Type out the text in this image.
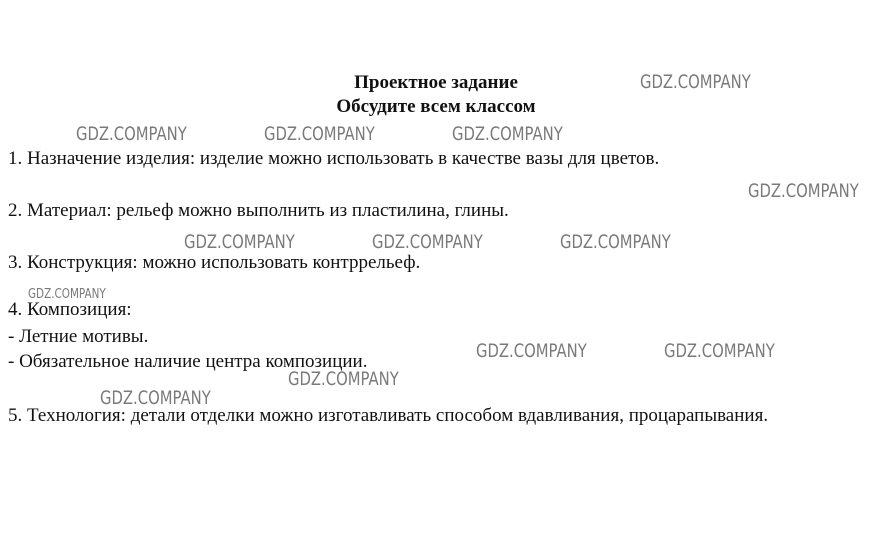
Проектное задание
Обсудите всем классом
1. Назначение изделия: изделие можно использовать в качестве вазы для цветов.
2. Материал: рельеф можно выполнить из пластилина, глины.
3. Конструкция: можно использовать контррельеф.
4. Композиция:
- Летние мотивы.
- Обязательное наличие центра композиции.
5. Технология: детали отделки можно изготавливать способом вдавливания, процарапывания.
GDZ.COMPANY
GDZ.COMPANY	GDZ.COMPANY	GDZ.COMPANY
GDZ.COMPANY
GDZ.COMPANY	GDZ.COMPANY	GDZ.COMPANY
GDZ.COMPANY
GDZ.COMPANY	GDZ.COMPANY
GDZ.COMPANY
GDZ.COMPANY
